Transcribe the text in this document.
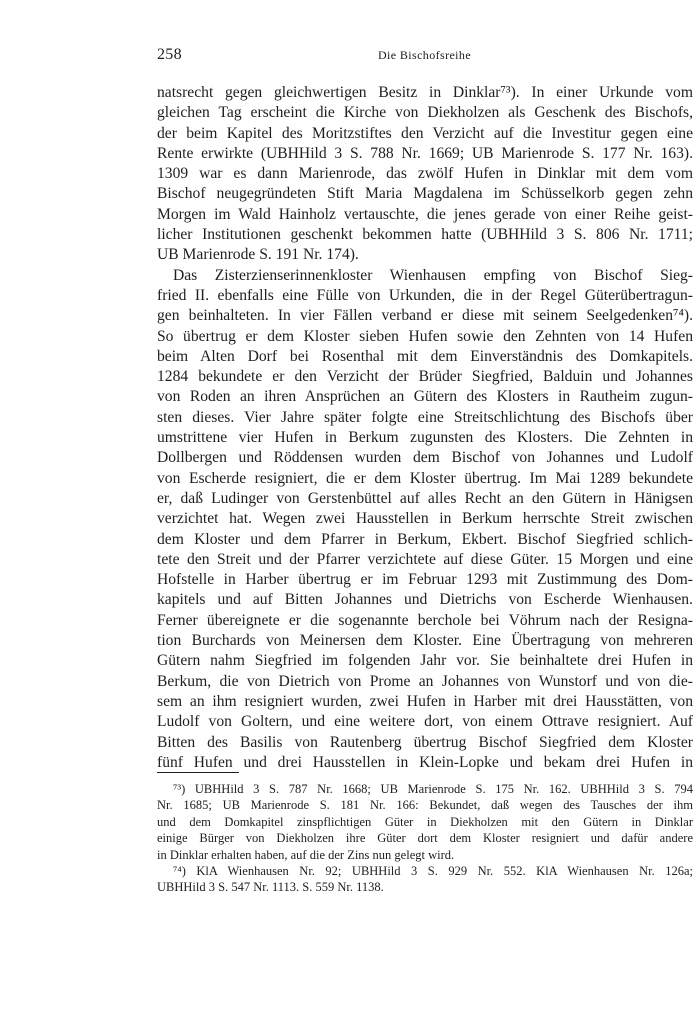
258	Die Bischofsreihe
natsrecht gegen gleichwertigen Besitz in Dinklar⁷³). In einer Urkunde vom
gleichen Tag erscheint die Kirche von Diekholzen als Geschenk des Bischofs,
der beim Kapitel des Moritzstiftes den Verzicht auf die Investitur gegen eine
Rente erwirkte (UBHHild 3 S. 788 Nr. 1669; UB Marienrode S. 177 Nr. 163).
1309 war es dann Marienrode, das zwölf Hufen in Dinklar mit dem vom
Bischof neugegründeten Stift Maria Magdalena im Schüsselkorb gegen zehn
Morgen im Wald Hainholz vertauschte, die jenes gerade von einer Reihe geist-
licher Institutionen geschenkt bekommen hatte (UBHHild 3 S. 806 Nr. 1711;
UB Marienrode S. 191 Nr. 174).
Das Zisterzienserinnenkloster Wienhausen empfing von Bischof Sieg-
fried II. ebenfalls eine Fülle von Urkunden, die in der Regel Güterübertragun-
gen beinhalteten. In vier Fällen verband er diese mit seinem Seelgedenken⁷⁴).
So übertrug er dem Kloster sieben Hufen sowie den Zehnten von 14 Hufen
beim Alten Dorf bei Rosenthal mit dem Einverständnis des Domkapitels.
1284 bekundete er den Verzicht der Brüder Siegfried, Balduin und Johannes
von Roden an ihren Ansprüchen an Gütern des Klosters in Rautheim zugun-
sten dieses. Vier Jahre später folgte eine Streitschlichtung des Bischofs über
umstrittene vier Hufen in Berkum zugunsten des Klosters. Die Zehnten in
Dollbergen und Röddensen wurden dem Bischof von Johannes und Ludolf
von Escherde resigniert, die er dem Kloster übertrug. Im Mai 1289 bekundete
er, daß Ludinger von Gerstenbüttel auf alles Recht an den Gütern in Hänigsen
verzichtet hat. Wegen zwei Hausstellen in Berkum herrschte Streit zwischen
dem Kloster und dem Pfarrer in Berkum, Ekbert. Bischof Siegfried schlich-
tete den Streit und der Pfarrer verzichtete auf diese Güter. 15 Morgen und eine
Hofstelle in Harber übertrug er im Februar 1293 mit Zustimmung des Dom-
kapitels und auf Bitten Johannes und Dietrichs von Escherde Wienhausen.
Ferner übereignete er die sogenannte berchole bei Vöhrum nach der Resigna-
tion Burchards von Meinersen dem Kloster. Eine Übertragung von mehreren
Gütern nahm Siegfried im folgenden Jahr vor. Sie beinhaltete drei Hufen in
Berkum, die von Dietrich von Prome an Johannes von Wunstorf und von die-
sem an ihm resigniert wurden, zwei Hufen in Harber mit drei Hausstätten, von
Ludolf von Goltern, und eine weitere dort, von einem Ottrave resigniert. Auf
Bitten des Basilis von Rautenberg übertrug Bischof Siegfried dem Kloster
fünf Hufen und drei Hausstellen in Klein-Lopke und bekam drei Hufen in
⁷³) UBHHild 3 S. 787 Nr. 1668; UB Marienrode S. 175 Nr. 162. UBHHild 3 S. 794
Nr. 1685; UB Marienrode S. 181 Nr. 166: Bekundet, daß wegen des Tausches der ihm
und dem Domkapitel zinspflichtigen Güter in Diekholzen mit den Gütern in Dinklar
einige Bürger von Diekholzen ihre Güter dort dem Kloster resigniert und dafür andere
in Dinklar erhalten haben, auf die der Zins nun gelegt wird.
⁷⁴) KlA Wienhausen Nr. 92; UBHHild 3 S. 929 Nr. 552. KlA Wienhausen Nr. 126a;
UBHHild 3 S. 547 Nr. 1113. S. 559 Nr. 1138.
